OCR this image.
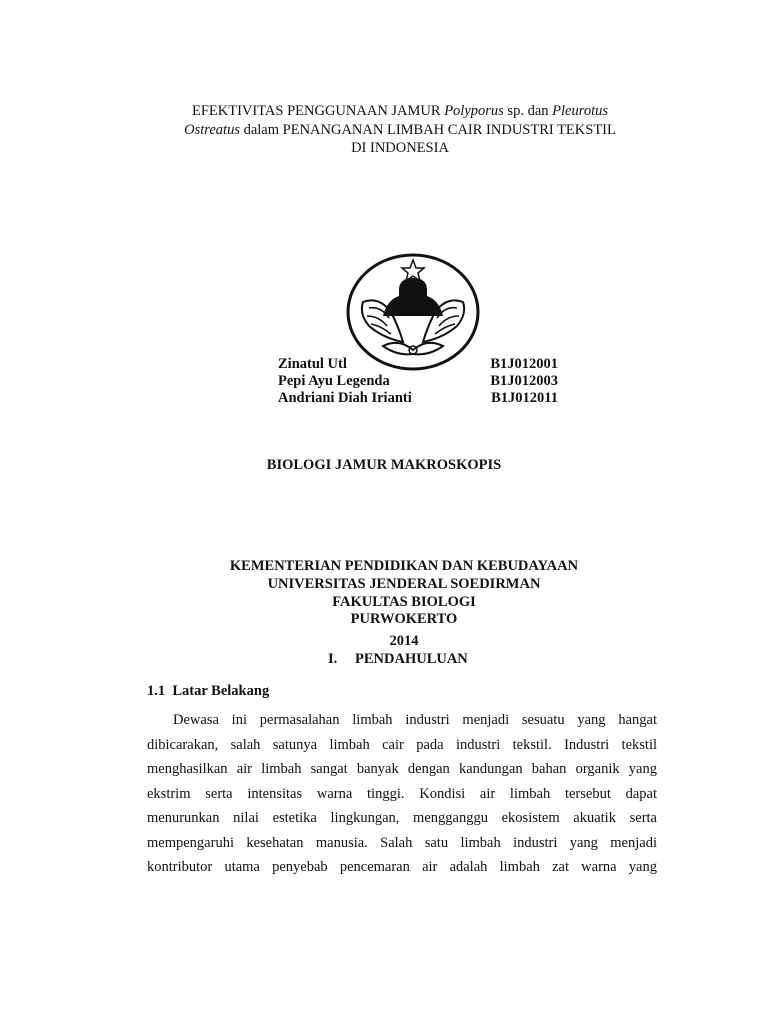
EFEKTIVITAS PENGGUNAAN JAMUR Polyporus sp. dan Pleurotus
Ostreatus dalam PENANGANAN LIMBAH CAIR INDUSTRI TEKSTIL
DI INDONESIA
Zinatul Utl	B1J012001
Pepi Ayu Legenda	B1J012003
Andriani Diah Irianti	B1J012011
BIOLOGI JAMUR MAKROSKOPIS
KEMENTERIAN PENDIDIKAN DAN KEBUDAYAAN
UNIVERSITAS JENDERAL SOEDIRMAN
FAKULTAS BIOLOGI
PURWOKERTO
2014
I.	PENDAHULUAN
1.1 Latar Belakang
Dewasa ini permasalahan limbah industri menjadi sesuatu yang hangat
dibicarakan, salah satunya limbah cair pada industri tekstil. Industri tekstil
menghasilkan air limbah sangat banyak dengan kandungan bahan organik yang
ekstrim serta intensitas warna tinggi. Kondisi air limbah tersebut dapat
menurunkan nilai estetika lingkungan, mengganggu ekosistem akuatik serta
mempengaruhi kesehatan manusia. Salah satu limbah industri yang menjadi
kontributor utama penyebab pencemaran air adalah limbah zat warna yang
